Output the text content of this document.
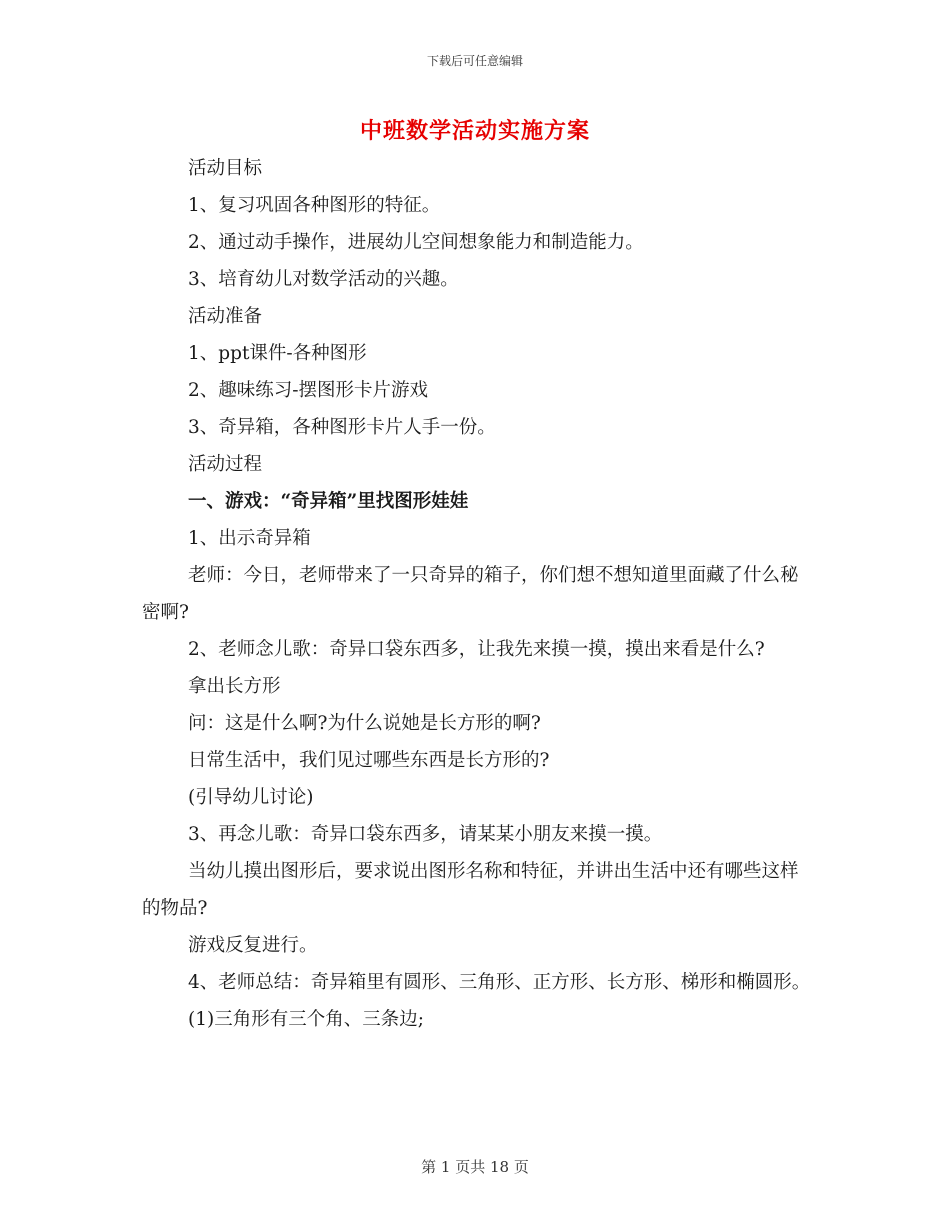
下载后可任意编辑
中班数学活动实施方案

活动目标

1、复习巩固各种图形的特征。

2、通过动手操作，进展幼儿空间想象能力和制造能力。

3、培育幼儿对数学活动的兴趣。

活动准备

1、ppt课件-各种图形

2、趣味练习-摆图形卡片游戏

3、奇异箱，各种图形卡片人手一份。

活动过程

一、游戏：“奇异箱”里找图形娃娃

1、出示奇异箱

老师：今日，老师带来了一只奇异的箱子，你们想不想知道里面藏了什么秘密啊?

2、老师念儿歌：奇异口袋东西多，让我先来摸一摸，摸出来看是什么?

拿出长方形

问：这是什么啊?为什么说她是长方形的啊?

日常生活中，我们见过哪些东西是长方形的?

(引导幼儿讨论)

3、再念儿歌：奇异口袋东西多，请某某小朋友来摸一摸。

当幼儿摸出图形后，要求说出图形名称和特征，并讲出生活中还有哪些这样的物品?

游戏反复进行。

4、老师总结：奇异箱里有圆形、三角形、正方形、长方形、梯形和椭圆形。

(1)三角形有三个角、三条边;

第 1 页共 18 页
